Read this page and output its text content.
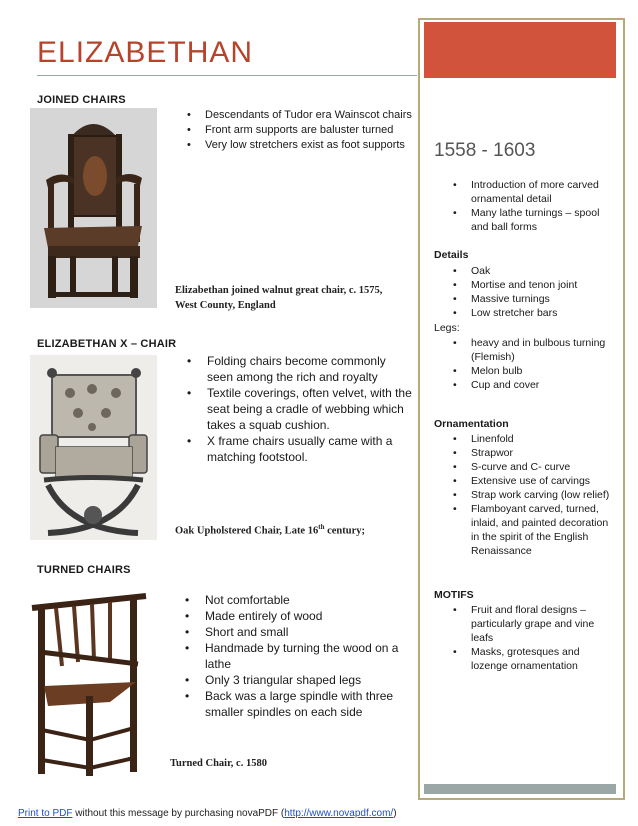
ELIZABETHAN
JOINED CHAIRS
• Descendants of Tudor era Wainscot chairs
• Front arm supports are baluster turned
• Very low stretchers exist as foot supports
Elizabethan joined walnut great chair, c. 1575,
West County, England
ELIZABETHAN X – CHAIR
• Folding chairs become commonly seen among the rich and royalty
• Textile coverings, often velvet, with the seat being a cradle of webbing which takes a squab cushion.
• X frame chairs usually came with a matching footstool.
Oak Upholstered Chair, Late 16th century;
TURNED CHAIRS
• Not comfortable
• Made entirely of wood
• Short and small
• Handmade by turning the wood on a lathe
• Only 3 triangular shaped legs
• Back was a large spindle with three smaller spindles on each side
Turned Chair, c. 1580
1558 - 1603
• Introduction of more carved ornamental detail
• Many lathe turnings – spool and ball forms
Details
• Oak
• Mortise and tenon joint
• Massive turnings
• Low stretcher bars
Legs:
• heavy and in bulbous turning (Flemish)
• Melon bulb
• Cup and cover
Ornamentation
• Linenfold
• Strapwor
• S-curve and C- curve
• Extensive use of carvings
• Strap work carving (low relief)
• Flamboyant carved, turned, inlaid, and painted decoration in the spirit of the English Renaissance
MOTIFS
• Fruit and floral designs – particularly grape and vine leafs
• Masks, grotesques and lozenge ornamentation
Print to PDF without this message by purchasing novaPDF (http://www.novapdf.com/)
